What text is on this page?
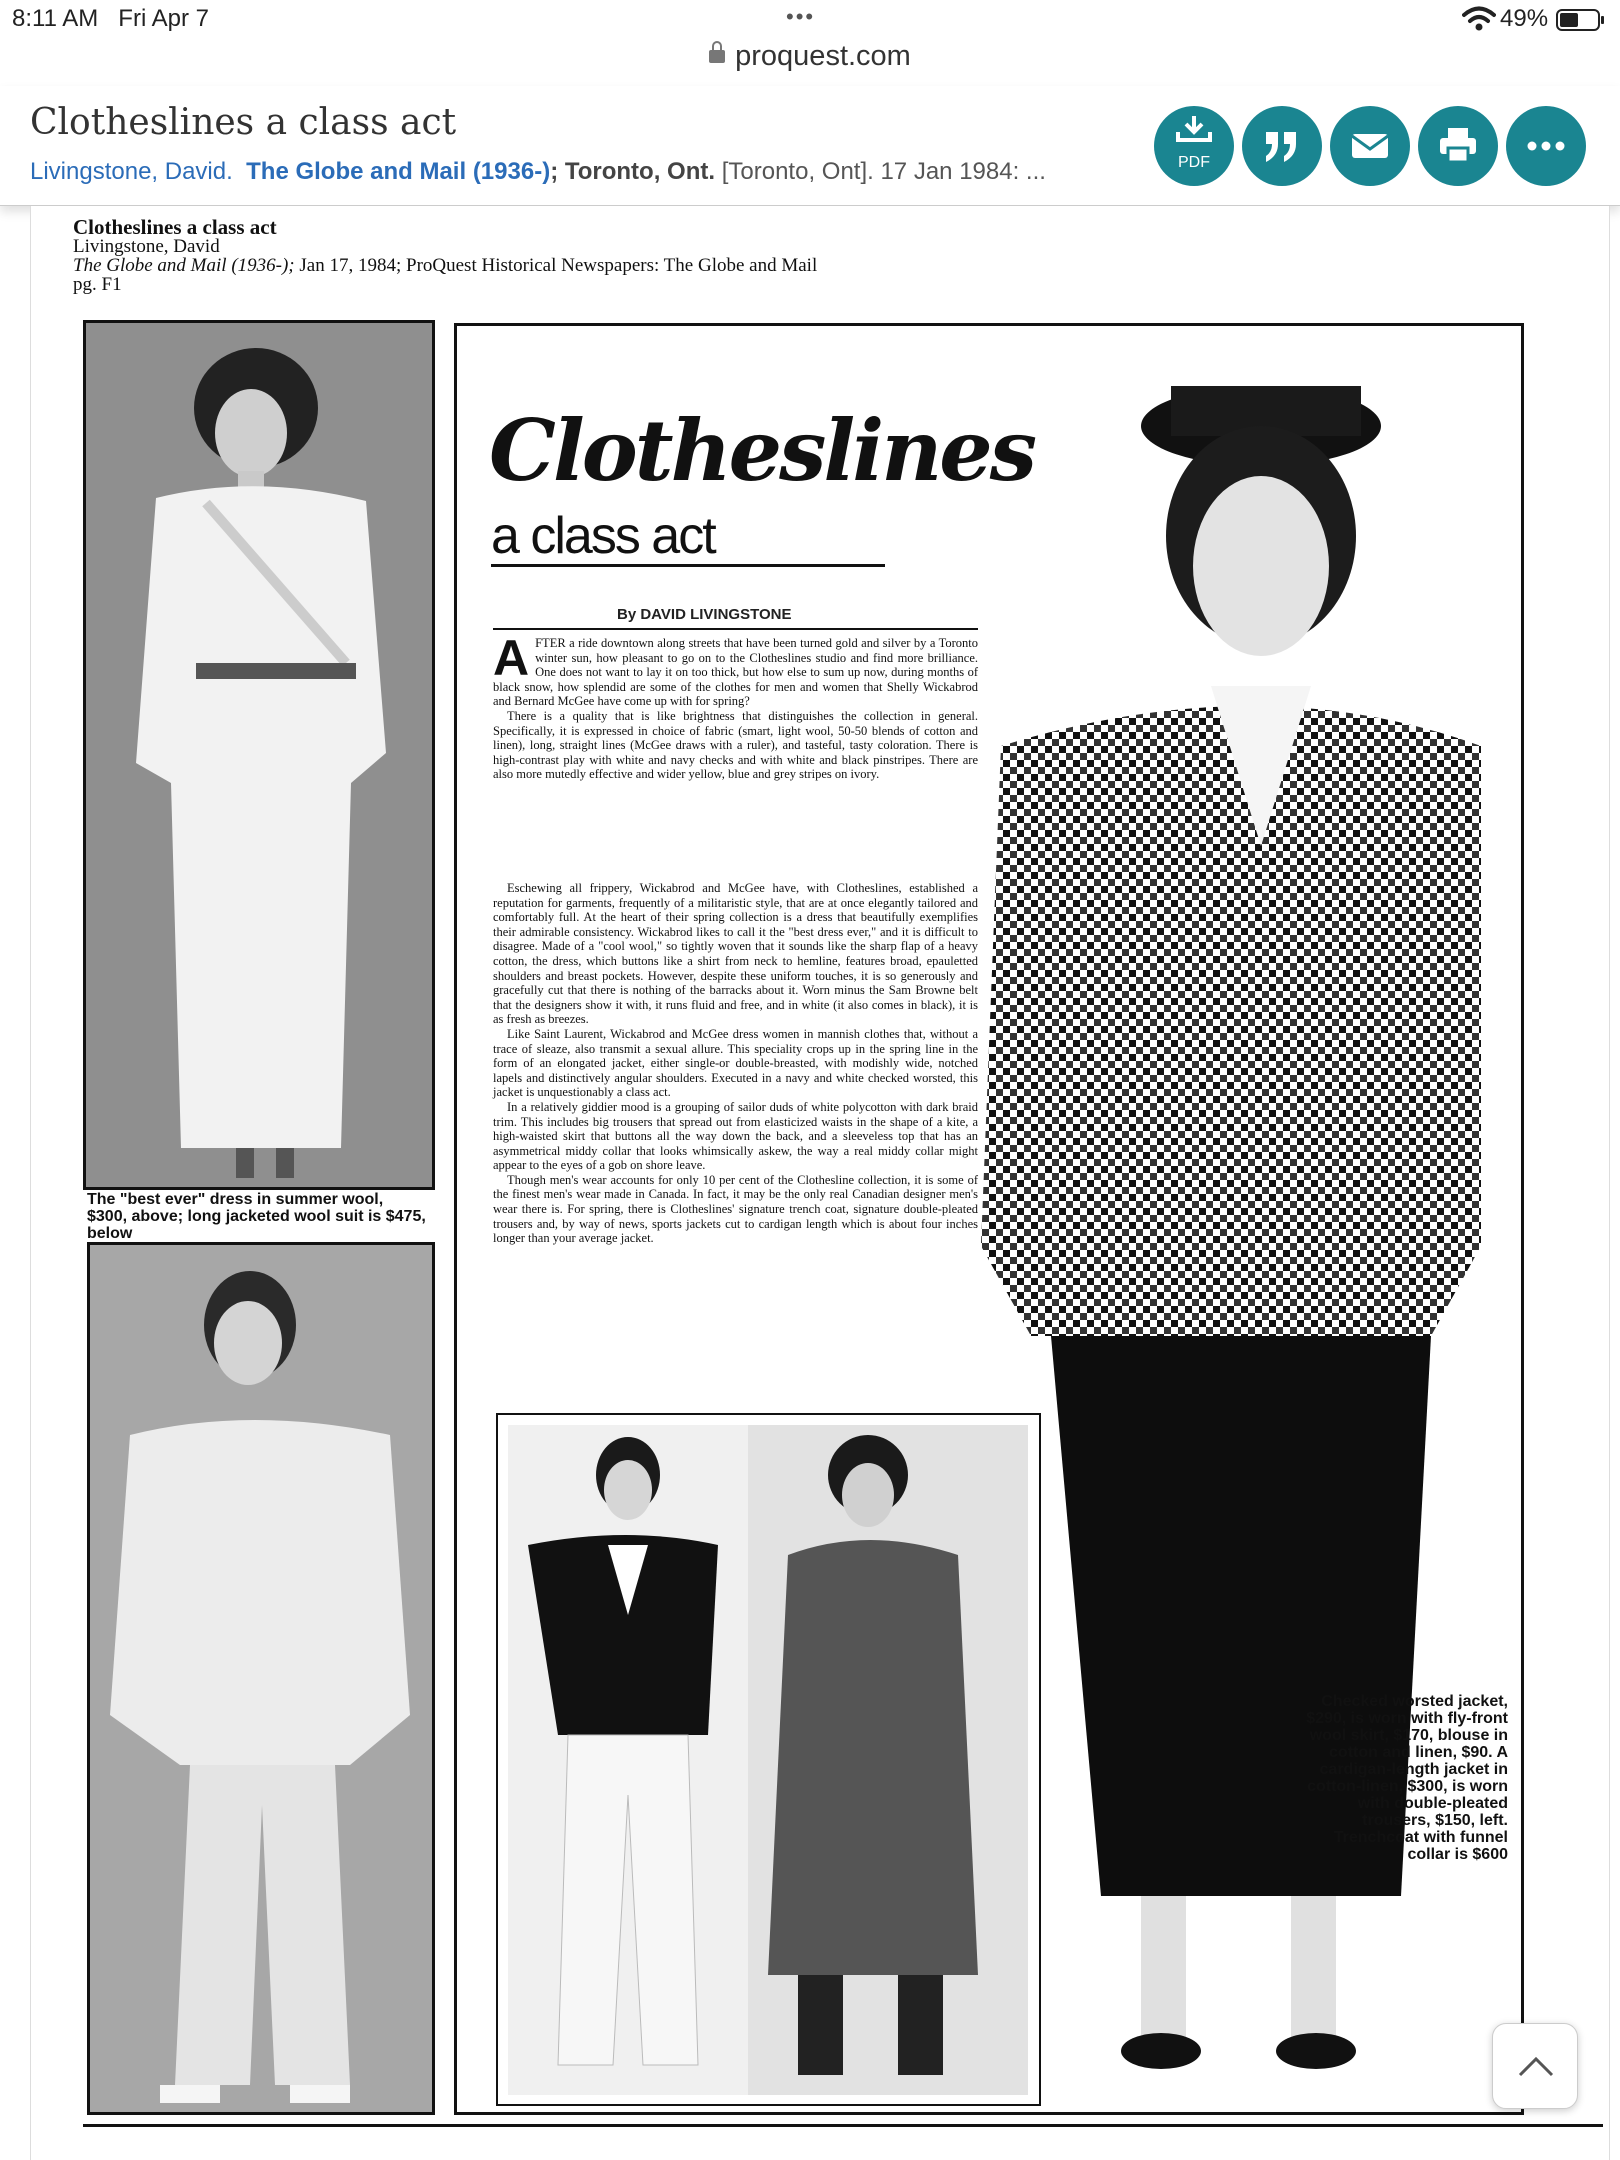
8:11 AM Fri Apr 7	•••	49%
proquest.com
Clotheslines a class act
Livingstone, David. The Globe and Mail (1936-); Toronto, Ont. [Toronto, Ont]. 17 Jan 1984: ...	PDF
Clotheslines a class act
Livingstone, David
The Globe and Mail (1936-); Jan 17, 1984; ProQuest Historical Newspapers: The Globe and Mail
pg. F1
The "best ever" dress in summer wool, $300, above; long jacketed wool suit is $475, below
Clotheslines
a class act
By DAVID LIVINGSTONE
A FTER a ride downtown along streets that have been turned gold and silver by a Toronto winter sun, how pleasant to go on to the Clotheslines studio and find more brilliance. One does not want to lay it on too thick, but how else to sum up now, during months of black snow, how splendid are some of the clothes for men and women that Shelly Wickabrod and Bernard McGee have come up with for spring?

There is a quality that is like brightness that distinguishes the collection in general. Specifically, it is expressed in choice of fabric (smart, light wool, 50-50 blends of cotton and linen), long, straight lines (McGee draws with a ruler), and tasteful, tasty coloration. There is high-contrast play with white and navy checks and with white and black pinstripes. There are also more mutedly effective and wider yellow, blue and grey stripes on ivory.

Eschewing all frippery, Wickabrod and McGee have, with Clotheslines, established a reputation for garments, frequently of a militaristic style, that are at once elegantly tailored and comfortably full. At the heart of their spring collection is a dress that beautifully exemplifies their admirable consistency. Wickabrod likes to call it the "best dress ever," and it is difficult to disagree. Made of a "cool wool," so tightly woven that it sounds like the sharp flap of a heavy cotton, the dress, which buttons like a shirt from neck to hemline, features broad, epauletted shoulders and breast pockets. However, despite these uniform touches, it is so generously and gracefully cut that there is nothing of the barracks about it. Worn minus the Sam Browne belt that the designers show it with, it runs fluid and free, and in white (it also comes in black), it is as fresh as breezes.

Like Saint Laurent, Wickabrod and McGee dress women in mannish clothes that, without a trace of sleaze, also transmit a sexual allure. This speciality crops up in the spring line in the form of an elongated jacket, either single-or double-breasted, with modishly wide, notched lapels and distinctively angular shoulders. Executed in a navy and white checked worsted, this jacket is unquestionably a class act.

In a relatively giddier mood is a grouping of sailor duds of white polycotton with dark braid trim. This includes big trousers that spread out from elasticized waists in the shape of a kite, a high-waisted skirt that buttons all the way down the back, and a sleeveless top that has an asymmetrical middy collar that looks whimsically askew, the way a real middy collar might appear to the eyes of a gob on shore leave.

Though men's wear accounts for only 10 per cent of the Clothesline collection, it is some of the finest men's wear made in Canada. In fact, it may be the only real Canadian designer men's wear there is. For spring, there is Clotheslines' signature trench coat, signature double-pleated trousers and, by way of news, sports jackets cut to cardigan length which is about four inches longer than your average jacket.

Checked worsted jacket, $290, is worn with fly-front wool skirt, $170, blouse in cotton and linen, $90. A cardigan-length jacket in cotton-linen, $300, is worn with double-pleated trousers, $150, left. Trenchcoat with funnel collar is $600
